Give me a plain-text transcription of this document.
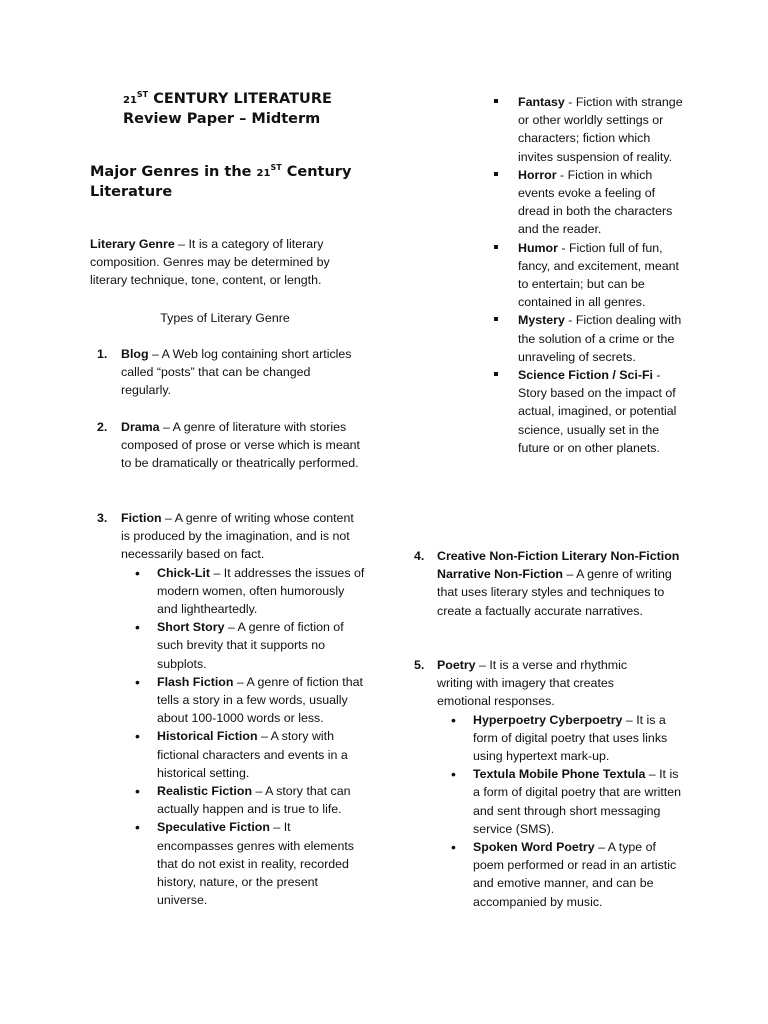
21ST CENTURY LITERATURE
Review Paper – Midterm
Major Genres in the 21ST Century Literature
Literary Genre – It is a category of literary composition. Genres may be determined by literary technique, tone, content, or length.
Types of Literary Genre
1. Blog – A Web log containing short articles called “posts” that can be changed regularly.
2. Drama – A genre of literature with stories composed of prose or verse which is meant to be dramatically or theatrically performed.
3. Fiction – A genre of writing whose content is produced by the imagination, and is not necessarily based on fact.
• Chick-Lit – It addresses the issues of modern women, often humorously and lightheartedly.
• Short Story – A genre of fiction of such brevity that it supports no subplots.
• Flash Fiction – A genre of fiction that tells a story in a few words, usually about 100-1000 words or less.
• Historical Fiction – A story with fictional characters and events in a historical setting.
• Realistic Fiction – A story that can actually happen and is true to life.
• Speculative Fiction – It encompasses genres with elements that do not exist in reality, recorded history, nature, or the present universe.
Fantasy - Fiction with strange or other worldly settings or characters; fiction which invites suspension of reality.
Horror - Fiction in which events evoke a feeling of dread in both the characters and the reader.
Humor - Fiction full of fun, fancy, and excitement, meant to entertain; but can be contained in all genres.
Mystery - Fiction dealing with the solution of a crime or the unraveling of secrets.
Science Fiction / Sci-Fi - Story based on the impact of actual, imagined, or potential science, usually set in the future or on other planets.
4. Creative Non-Fiction Literary Non-Fiction Narrative Non-Fiction – A genre of writing that uses literary styles and techniques to create a factually accurate narratives.
5. Poetry – It is a verse and rhythmic writing with imagery that creates emotional responses.
• Hyperpoetry Cyberpoetry – It is a form of digital poetry that uses links using hypertext mark-up.
• Textula Mobile Phone Textula – It is a form of digital poetry that are written and sent through short messaging service (SMS).
• Spoken Word Poetry – A type of poem performed or read in an artistic and emotive manner, and can be accompanied by music.
